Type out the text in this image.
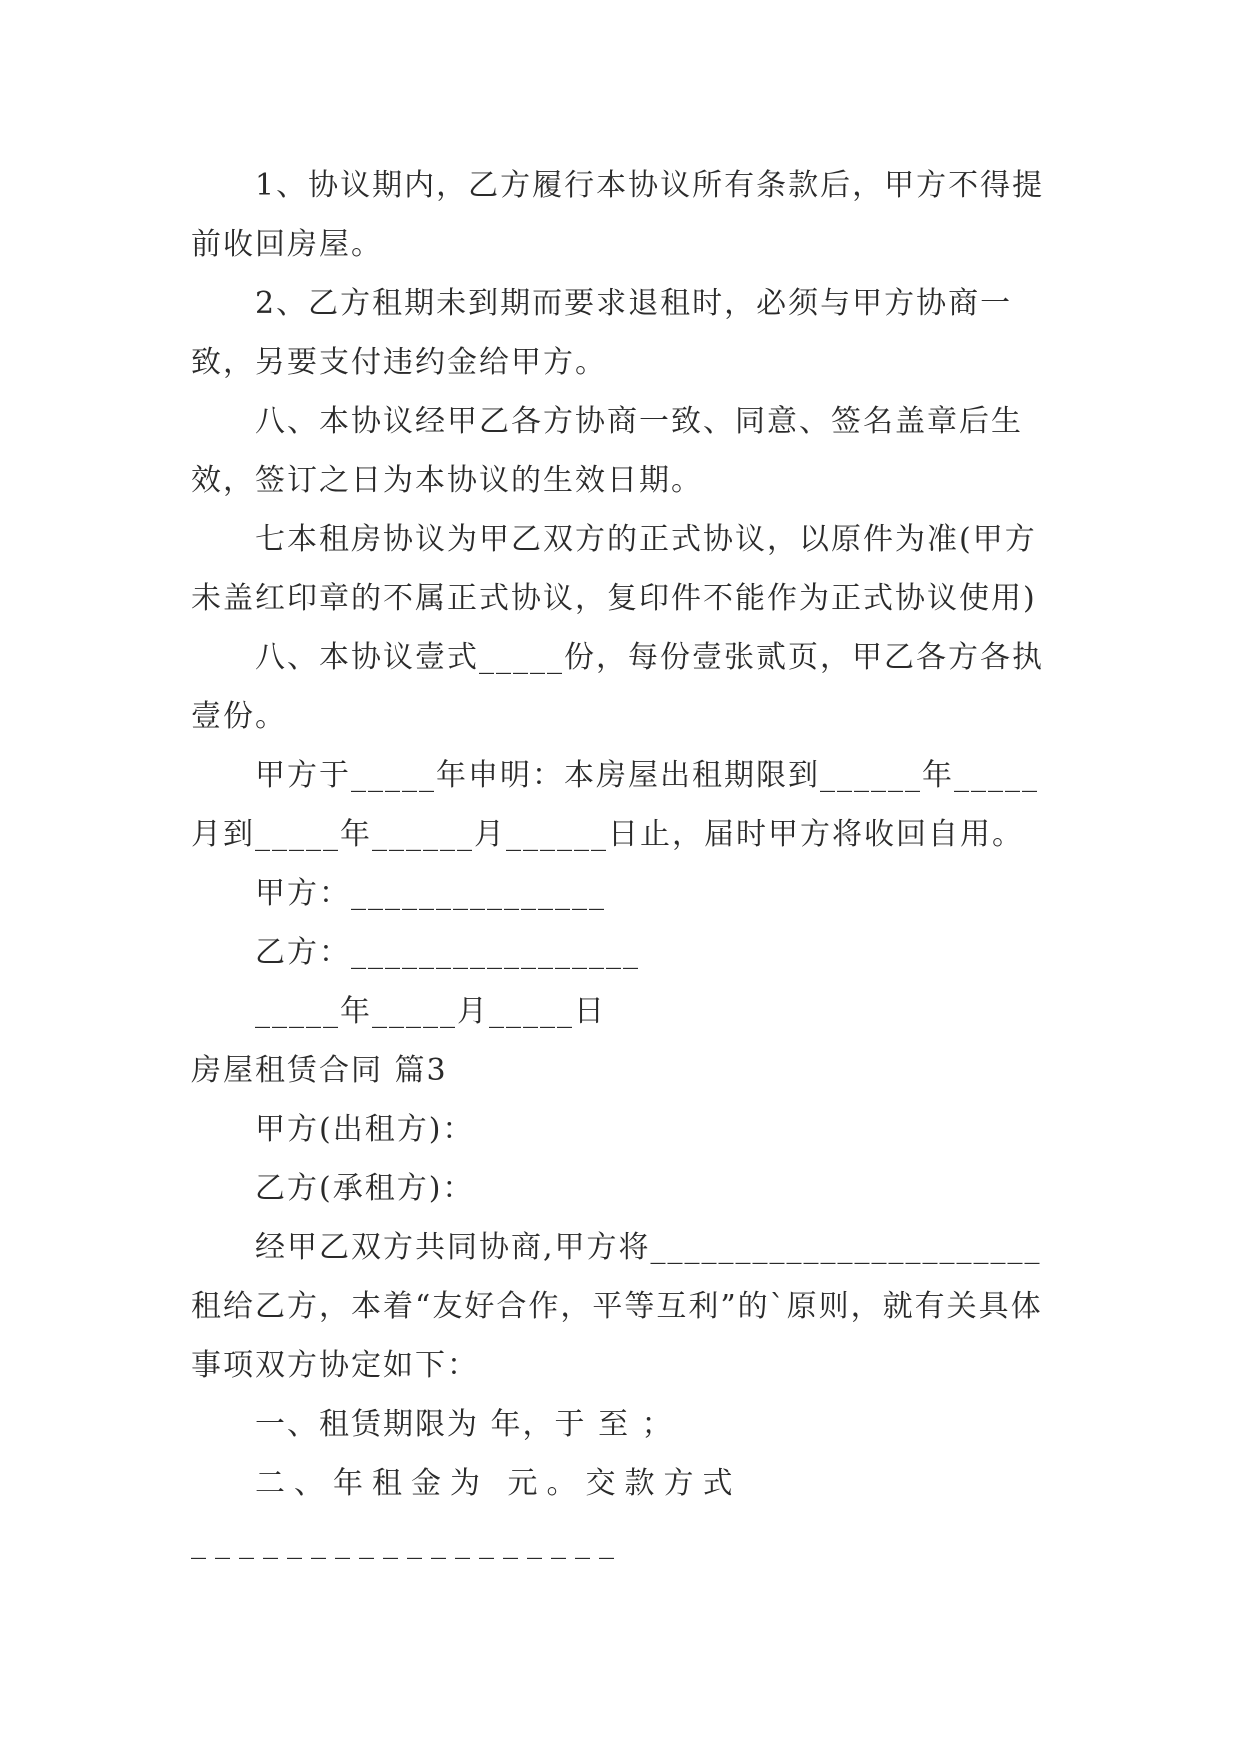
1、协议期内，乙方履行本协议所有条款后，甲方不得提前收回房屋。

2、乙方租期未到期而要求退租时，必须与甲方协商一致，另要支付违约金给甲方。

八、本协议经甲乙各方协商一致、同意、签名盖章后生效，签订之日为本协议的生效日期。

七本租房协议为甲乙双方的正式协议，以原件为准(甲方未盖红印章的不属正式协议，复印件不能作为正式协议使用)

八、本协议壹式_____份，每份壹张贰页，甲乙各方各执壹份。

甲方于_____年申明：本房屋出租期限到______年_____月到_____年______月______日止，届时甲方将收回自用。

甲方：_______________

乙方：_________________

_____年_____月_____日

房屋租赁合同 篇3

甲方(出租方)：

乙方(承租方)：

经甲乙双方共同协商,甲方将_______________________租给乙方，本着“友好合作，平等互利”的`原则，就有关具体事项双方协定如下：

一、租赁期限为 年，于 至 ；

二、年租金为 元。交款方式__________________
